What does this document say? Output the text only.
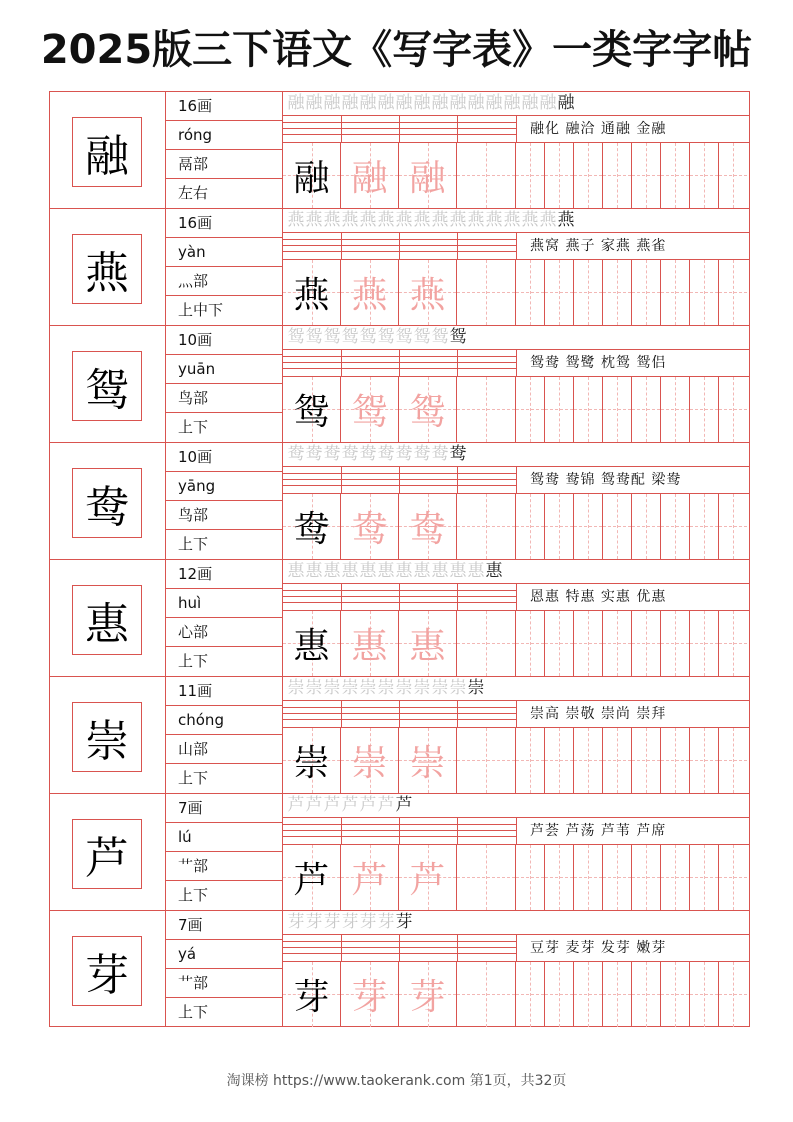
2025版三下语文《写字表》一类字字帖
融
16画
róng
鬲部
左右
融融融融融融融融融融融融融融融融
融化 融洽 通融 金融
融 融 融
燕
16画
yàn
灬部
上中下
燕燕燕燕燕燕燕燕燕燕燕燕燕燕燕燕
燕窝 燕子 家燕 燕雀
燕 燕 燕
鸳
10画
yuān
鸟部
上下
鸳鸳鸳鸳鸳鸳鸳鸳鸳鸳
鸳鸯 鸳鹭 枕鸳 鸳侣
鸳 鸳 鸳
鸯
10画
yāng
鸟部
上下
鸯鸯鸯鸯鸯鸯鸯鸯鸯鸯
鸳鸯 鸯锦 鸳鸯配 梁鸯
鸯 鸯 鸯
惠
12画
huì
心部
上下
惠惠惠惠惠惠惠惠惠惠惠惠
恩惠 特惠 实惠 优惠
惠 惠 惠
崇
11画
chóng
山部
上下
崇崇崇崇崇崇崇崇崇崇崇
崇高 崇敬 崇尚 崇拜
崇 崇 崇
芦
7画
lú
艹部
上下
芦芦芦芦芦芦芦
芦荟 芦荡 芦苇 芦席
芦 芦 芦
芽
7画
yá
艹部
上下
芽芽芽芽芽芽芽
豆芽 麦芽 发芽 嫩芽
芽 芽 芽
淘课榜 https://www.taokerank.com 第1页，共32页
